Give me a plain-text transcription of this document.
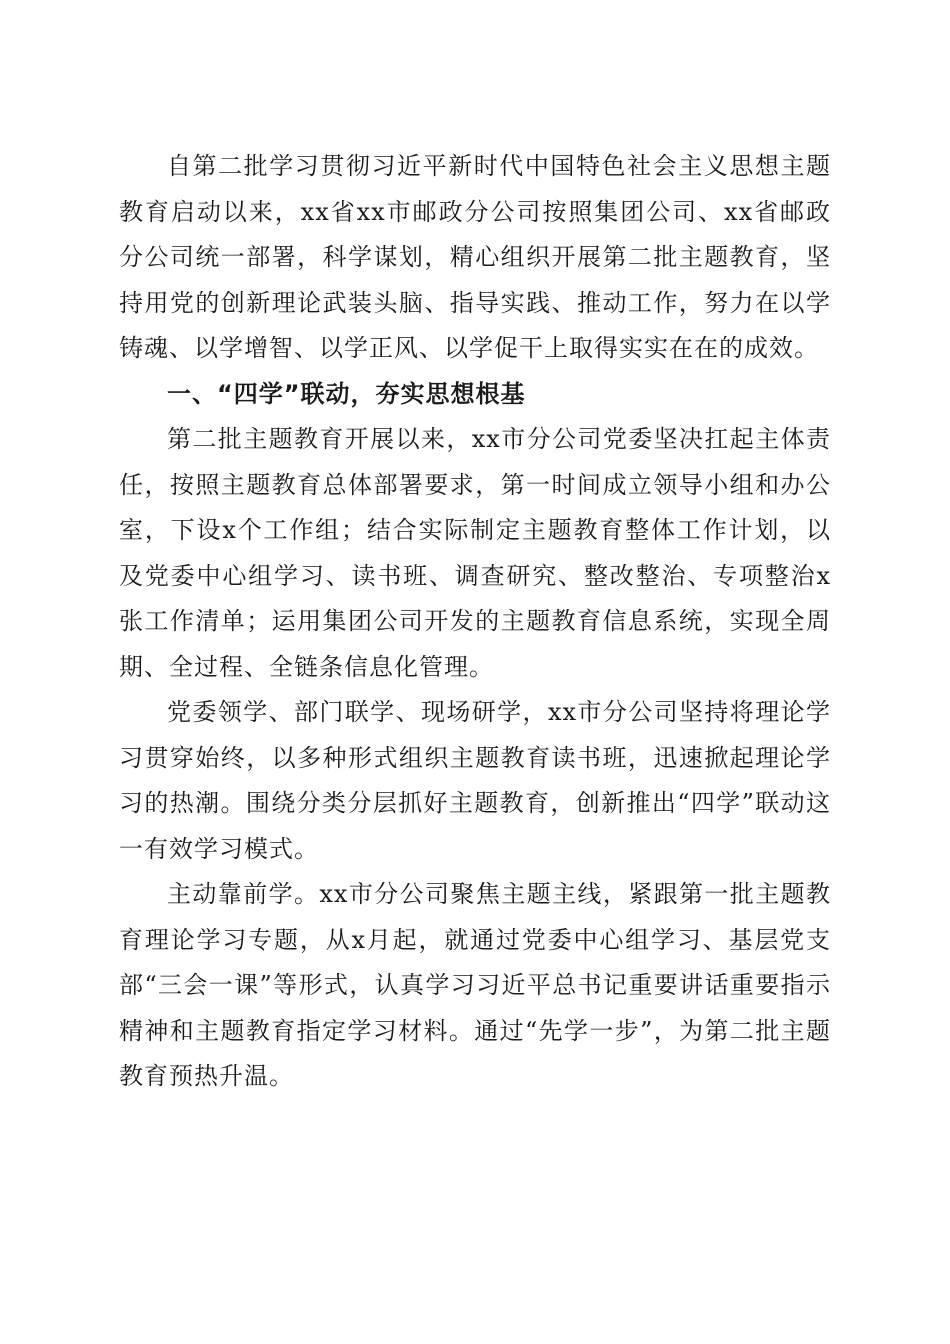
自第二批学习贯彻习近平新时代中国特色社会主义思想主题教育启动以来，xx省xx市邮政分公司按照集团公司、xx省邮政分公司统一部署，科学谋划，精心组织开展第二批主题教育，坚持用党的创新理论武装头脑、指导实践、推动工作，努力在以学铸魂、以学增智、以学正风、以学促干上取得实实在在的成效。

一、“四学”联动，夯实思想根基

第二批主题教育开展以来，xx市分公司党委坚决扛起主体责任，按照主题教育总体部署要求，第一时间成立领导小组和办公室，下设x个工作组；结合实际制定主题教育整体工作计划，以及党委中心组学习、读书班、调查研究、整改整治、专项整治x张工作清单；运用集团公司开发的主题教育信息系统，实现全周期、全过程、全链条信息化管理。

党委领学、部门联学、现场研学，xx市分公司坚持将理论学习贯穿始终，以多种形式组织主题教育读书班，迅速掀起理论学习的热潮。围绕分类分层抓好主题教育，创新推出“四学”联动这一有效学习模式。

主动靠前学。xx市分公司聚焦主题主线，紧跟第一批主题教育理论学习专题，从x月起，就通过党委中心组学习、基层党支部“三会一课”等形式，认真学习习近平总书记重要讲话重要指示精神和主题教育指定学习材料。通过“先学一步”，为第二批主题教育预热升温。
